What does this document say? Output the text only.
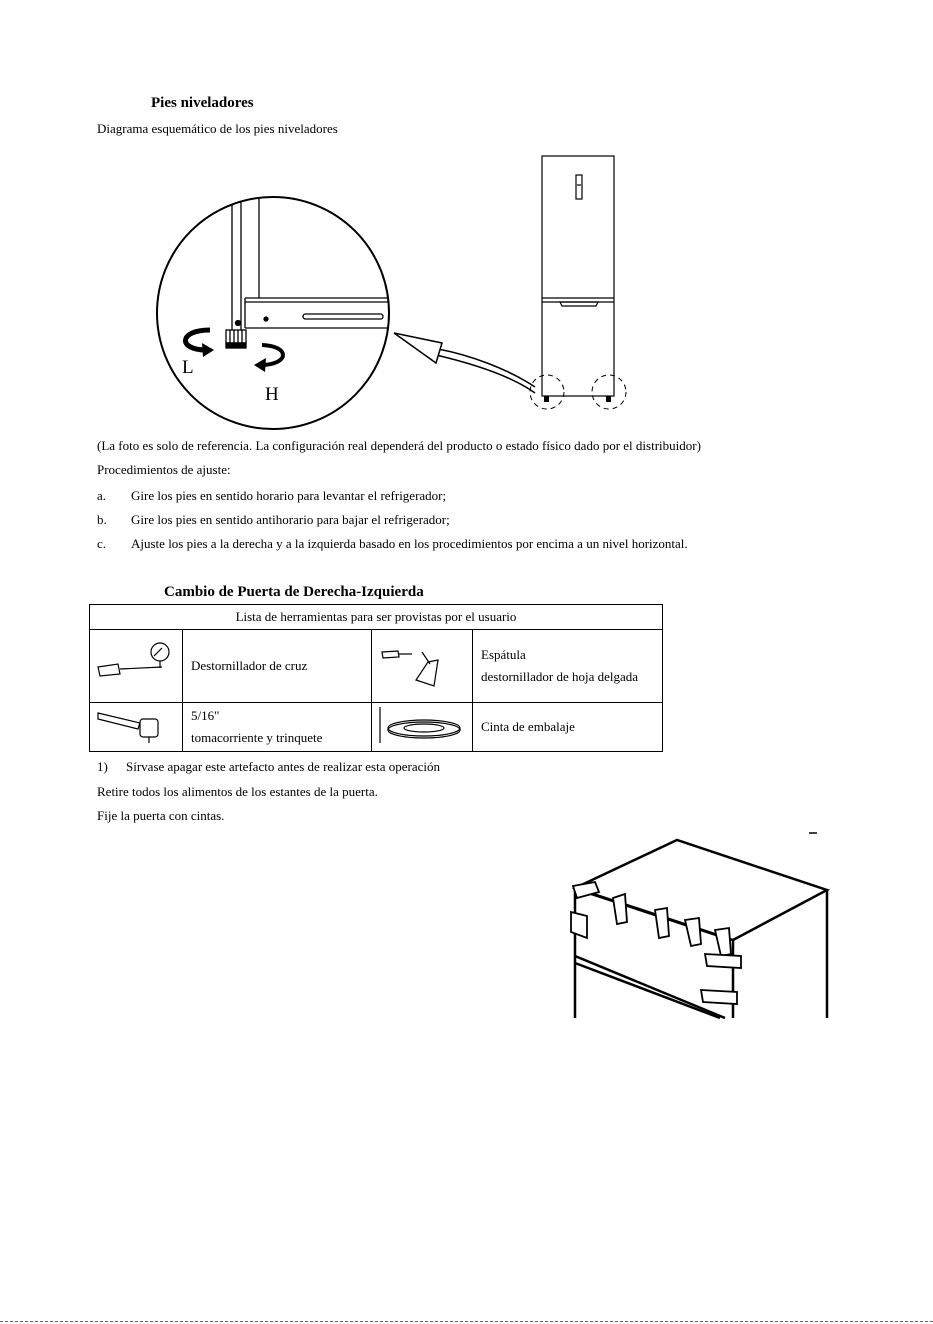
Pies niveladores
Diagrama esquemático de los pies niveladores
L
H
(La foto es solo de referencia. La configuración real dependerá del producto o estado físico dado por el distribuidor)
Procedimientos de ajuste:
a. Gire los pies en sentido horario para levantar el refrigerador;
b. Gire los pies en sentido antihorario para bajar el refrigerador;
c. Ajuste los pies a la derecha y a la izquierda basado en los procedimientos por encima a un nivel horizontal.
Cambio de Puerta de Derecha-Izquierda
Lista de herramientas para ser provistas por el usuario			

Destornillador de cruz		Espátula
destornillador de hoja delgada

5/16"
tomacorriente y trinquete		Cinta de embalaje
1) Sírvase apagar este artefacto antes de realizar esta operación
Retire todos los alimentos de los estantes de la puerta.
Fije la puerta con cintas.
